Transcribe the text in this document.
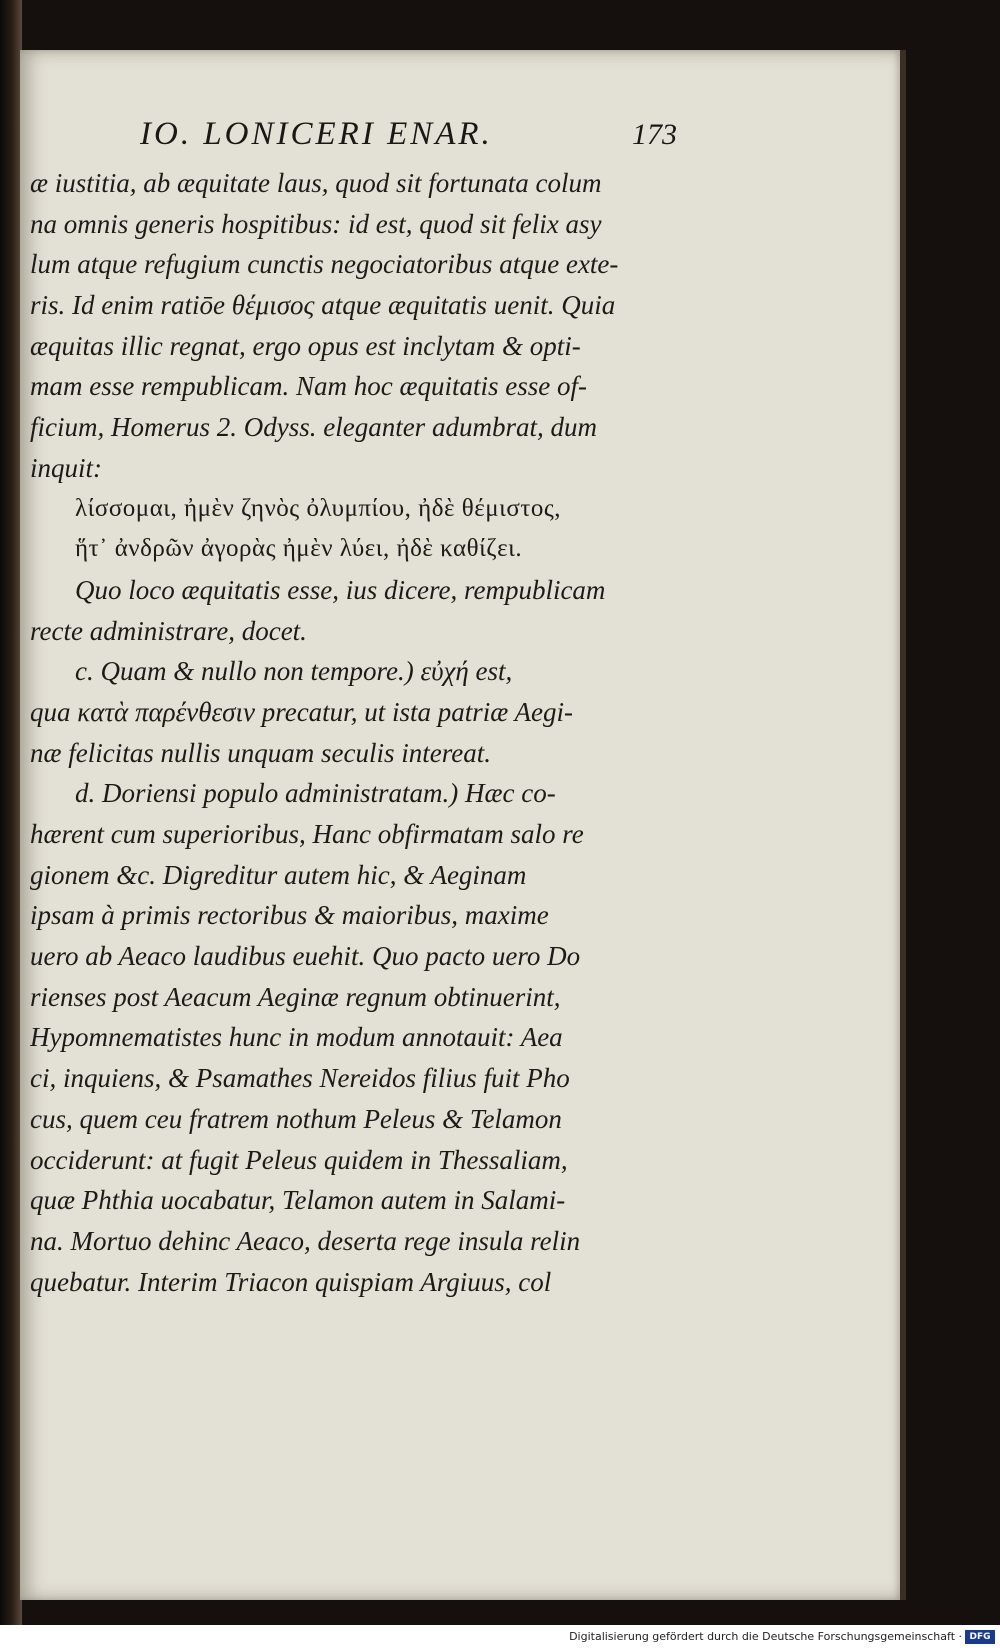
IO. LONICERI ENAR.	173
æ iustitia, ab æquitate laus, quod sit fortunata colum
na omnis generis hospitibus: id est, quod sit felix asy
lum atque refugium cunctis negociatoribus atque exte-
ris. Id enim ratiōe θέμισος atque æquitatis uenit. Quia
æquitas illic regnat, ergo opus est inclytam & opti-
mam esse rempublicam. Nam hoc æquitatis esse of-
ficium, Homerus 2. Odyss. eleganter adumbrat, dum
inquit:
λίσσομαι, ἠμὲν ζηνὸς ὀλυμπίου, ἠδὲ θέμιστος,
ἥτ᾽ ἀνδρῶν ἀγορὰς ἠμὲν λύει, ἠδὲ καθίζει.
Quo loco æquitatis esse, ius dicere, rempublicam
recte administrare, docet.
c. Quam & nullo non tempore.) εὐχή est,
qua κατὰ παρένθεσιν precatur, ut ista patriæ Aegi-
næ felicitas nullis unquam seculis intereat.
d. Doriensi populo administratam.) Hæc co-
hærent cum superioribus, Hanc obfirmatam salo re
gionem &c. Digreditur autem hic, & Aeginam
ipsam à primis rectoribus & maioribus, maxime
uero ab Aeaco laudibus euehit. Quo pacto uero Do
rienses post Aeacum Aeginæ regnum obtinuerint,
Hypomnematistes hunc in modum annotauit: Aea
ci, inquiens, & Psamathes Nereidos filius fuit Pho
cus, quem ceu fratrem nothum Peleus & Telamon
occiderunt: at fugit Peleus quidem in Thessaliam,
quæ Phthia uocabatur, Telamon autem in Salami-
na. Mortuo dehinc Aeaco, deserta rege insula relin
quebatur. Interim Triacon quispiam Argiuus, col
Digitalisierung gefördert durch die Deutsche Forschungsgemeinschaft · DFG
